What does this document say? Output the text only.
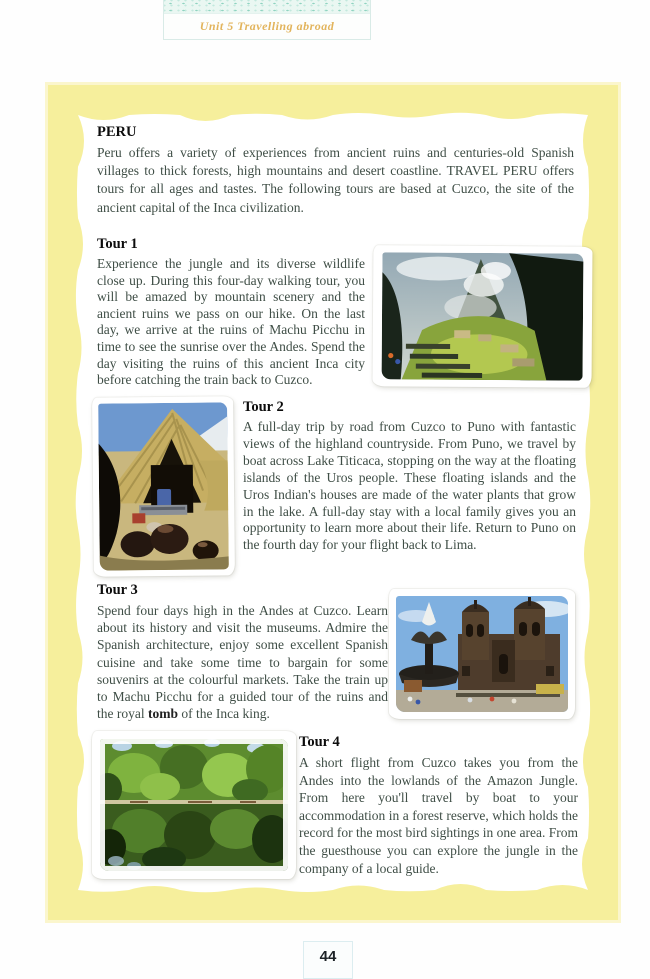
Unit 5 Travelling abroad
PERU

Peru offers a variety of experiences from ancient ruins and centuries-old Spanish villages to thick forests, high mountains and desert coastline. TRAVEL PERU offers tours for all ages and tastes. The following tours are based at Cuzco, the site of the ancient capital of the Inca civilization.

Tour 1

Experience the jungle and its diverse wildlife close up. During this four-day walking tour, you will be amazed by mountain scenery and the ancient ruins we pass on our hike. On the last day, we arrive at the ruins of Machu Picchu in time to see the sunrise over the Andes. Spend the day visiting the ruins of this ancient Inca city before catching the train back to Cuzco.

Tour 2

A full-day trip by road from Cuzco to Puno with fantastic views of the highland countryside. From Puno, we travel by boat across Lake Titicaca, stopping on the way at the floating islands of the Uros people. These floating islands and the Uros Indian's houses are made of the water plants that grow in the lake. A full-day stay with a local family gives you an opportunity to learn more about their life. Return to Puno on the fourth day for your flight back to Lima.

Tour 3

Spend four days high in the Andes at Cuzco. Learn about its history and visit the museums. Admire the Spanish architecture, enjoy some excellent Spanish cuisine and take some time to bargain for some souvenirs at the colourful markets. Take the train up to Machu Picchu for a guided tour of the ruins and the royal tomb of the Inca king.

Tour 4

A short flight from Cuzco takes you from the Andes into the lowlands of the Amazon Jungle. From here you'll travel by boat to your accommodation in a forest reserve, which holds the record for the most bird sightings in one area. From the guesthouse you can explore the jungle in the company of a local guide.

44
